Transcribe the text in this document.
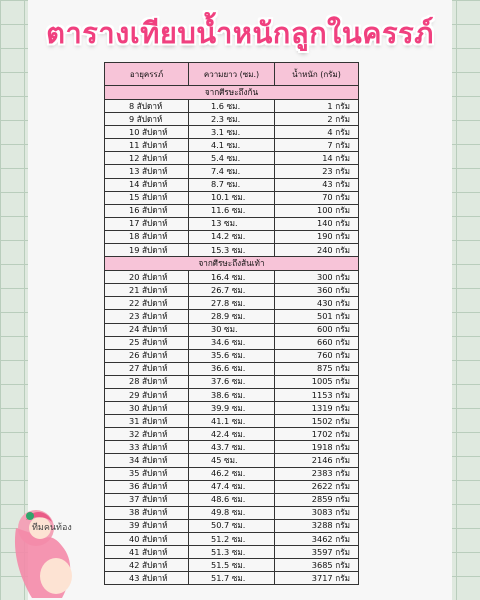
ตารางเทียบน้ำหนักลูกในครรภ์
อายุครรภ์	ความยาว (ซม.)	น้ำหนัก (กรัม)
จากศีรษะถึงก้น		
8 สัปดาห์	1.6 ซม.	1 กรัม
9 สัปดาห์	2.3 ซม.	2 กรัม
10 สัปดาห์	3.1 ซม.	4 กรัม
11 สัปดาห์	4.1 ซม.	7 กรัม
12 สัปดาห์	5.4 ซม.	14 กรัม
13 สัปดาห์	7.4 ซม.	23 กรัม
14 สัปดาห์	8.7 ซม.	43 กรัม
15 สัปดาห์	10.1 ซม.	70 กรัม
16 สัปดาห์	11.6 ซม.	100 กรัม
17 สัปดาห์	13 ซม.	140 กรัม
18 สัปดาห์	14.2 ซม.	190 กรัม
19 สัปดาห์	15.3 ซม.	240 กรัม
จากศีรษะถึงส้นเท้า		
20 สัปดาห์	16.4 ซม.	300 กรัม
21 สัปดาห์	26.7 ซม.	360 กรัม
22 สัปดาห์	27.8 ซม.	430 กรัม
23 สัปดาห์	28.9 ซม.	501 กรัม
24 สัปดาห์	30 ซม.	600 กรัม
25 สัปดาห์	34.6 ซม.	660 กรัม
26 สัปดาห์	35.6 ซม.	760 กรัม
27 สัปดาห์	36.6 ซม.	875 กรัม
28 สัปดาห์	37.6 ซม.	1005 กรัม
29 สัปดาห์	38.6 ซม.	1153 กรัม
30 สัปดาห์	39.9 ซม.	1319 กรัม
31 สัปดาห์	41.1 ซม.	1502 กรัม
32 สัปดาห์	42.4 ซม.	1702 กรัม
33 สัปดาห์	43.7 ซม.	1918 กรัม
34 สัปดาห์	45 ซม.	2146 กรัม
35 สัปดาห์	46.2 ซม.	2383 กรัม
36 สัปดาห์	47.4 ซม.	2622 กรัม
37 สัปดาห์	48.6 ซม.	2859 กรัม
38 สัปดาห์	49.8 ซม.	3083 กรัม
39 สัปดาห์	50.7 ซม.	3288 กรัม
40 สัปดาห์	51.2 ซม.	3462 กรัม
41 สัปดาห์	51.3 ซม.	3597 กรัม
42 สัปดาห์	51.5 ซม.	3685 กรัม
43 สัปดาห์	51.7 ซม.	3717 กรัม
ทีมคนท้อง
